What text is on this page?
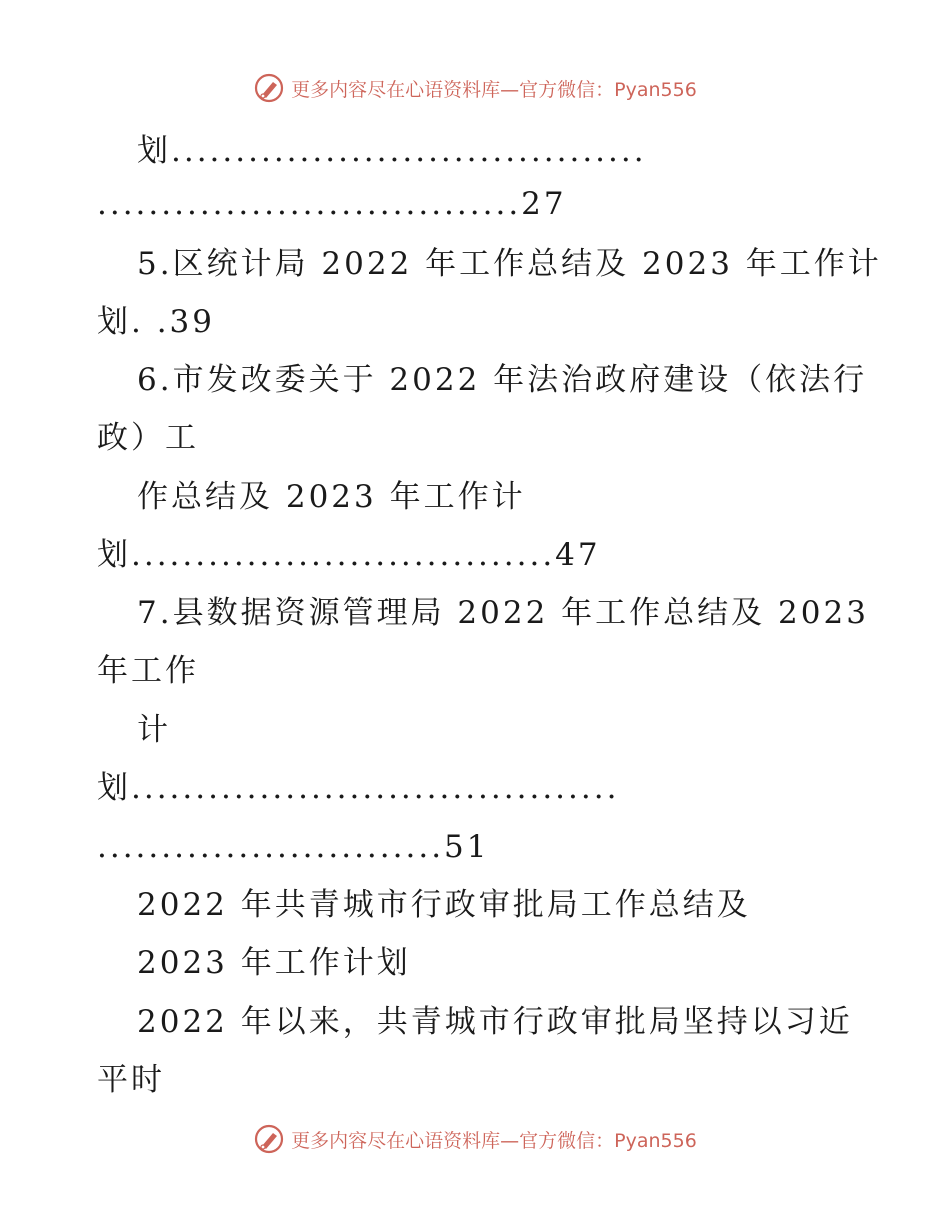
更多内容尽在心语资料库—官方微信：Pyan556
划.....................................
.................................27
5.区统计局 2022 年工作总结及 2023 年工作计
划. .39
6.市发改委关于 2022 年法治政府建设（依法行
政）工
作总结及 2023 年工作计
划.................................47
7.县数据资源管理局 2022 年工作总结及 2023
年工作
计
划......................................
...........................51
2022 年共青城市行政审批局工作总结及
2023 年工作计划
2022 年以来，共青城市行政审批局坚持以习近
平时
更多内容尽在心语资料库—官方微信：Pyan556
